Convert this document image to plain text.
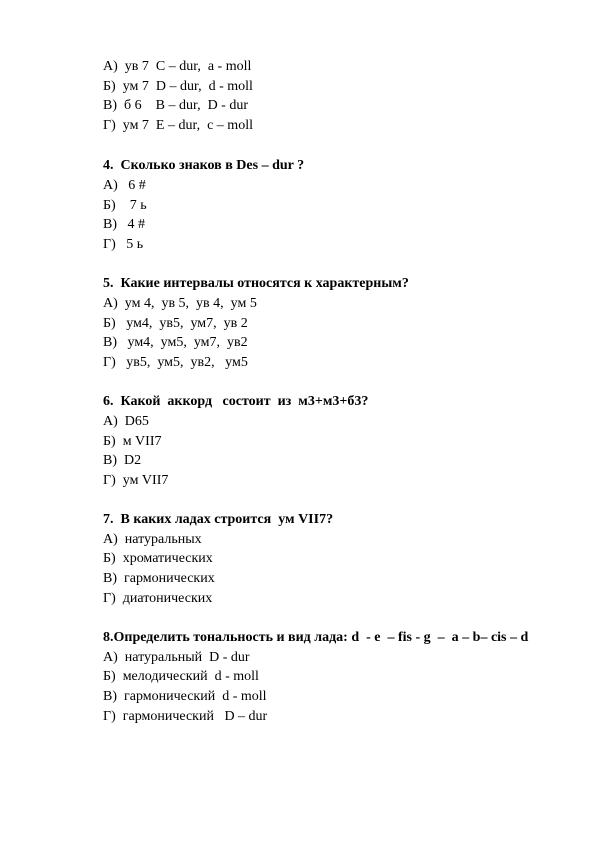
А)  ув 7  С – dur,  a - moll

Б)  ум 7  D – dur,  d - moll

В)  б 6    B – dur,  D - dur

Г)  ум 7  E – dur,  c – moll

4.  Сколько знаков в Des – dur ?

А)   6 #

Б)    7 ь

В)   4 #

Г)   5 ь

5.  Какие интервалы относятся к характерным?

А)  ум 4,  ув 5,  ув 4,  ум 5

Б)   ум4,  ув5,  ум7,  ув 2

В)   ум4,  ум5,  ум7,  ув2

Г)   ув5,  ум5,  ув2,   ум5

6.  Какой  аккорд   состоит  из  м3+м3+б3?

А)  D65

Б)  м VII7

В)  D2

Г)  ум VII7

7.  В каких ладах строится  ум VII7?

А)  натуральных

Б)  хроматических

В)  гармонических

Г)  диатонических

8.Определить тональность и вид лада: d  - e  – fis - g  –  a – b– cis – d

А)  натуральный  D - dur

Б)  мелодический  d - moll

В)  гармонический  d - moll

Г)  гармонический   D – dur
